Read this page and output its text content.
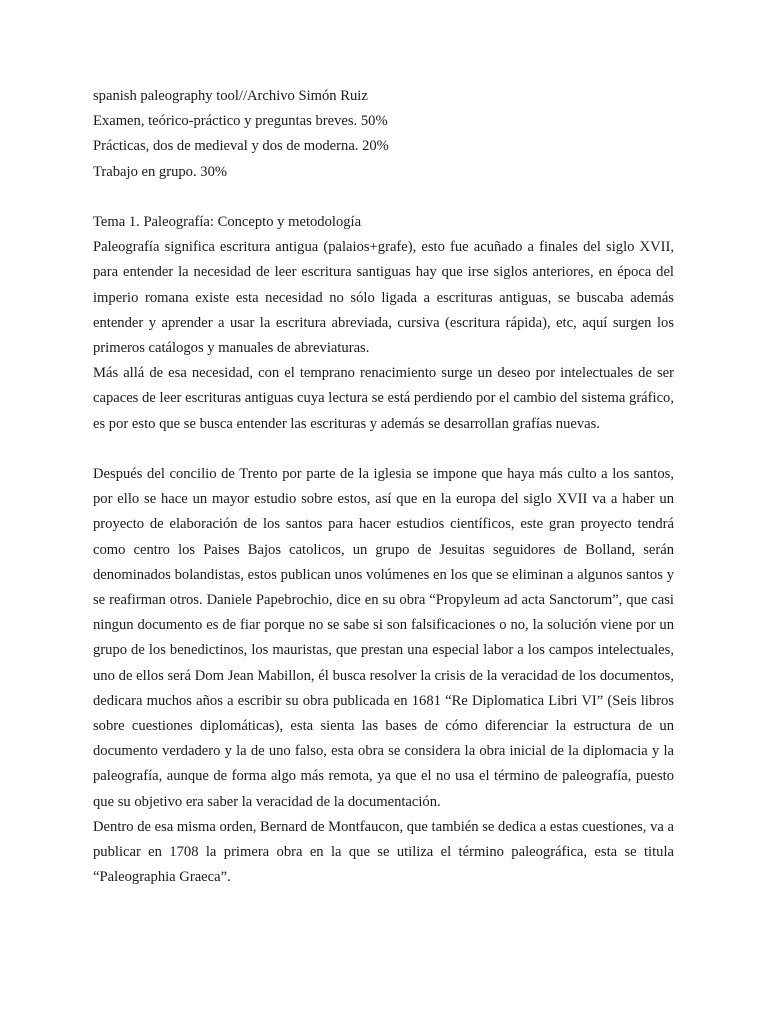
spanish paleography tool//Archivo Simón Ruiz

Examen, teórico-práctico y preguntas breves. 50%

Prácticas, dos de medieval y dos de moderna. 20%

Trabajo en grupo. 30%

Tema 1. Paleografía: Concepto y metodología

Paleografía significa escritura antigua (palaios+grafe), esto fue acuñado a finales del siglo XVII, para entender la necesidad de leer escritura santiguas hay que irse siglos anteriores, en época del imperio romana existe esta necesidad no sólo ligada a escrituras antiguas, se buscaba además entender y aprender a usar la escritura abreviada, cursiva (escritura rápida), etc, aquí surgen los primeros catálogos y manuales de abreviaturas.

Más allá de esa necesidad, con el temprano renacimiento surge un deseo por intelectuales de ser capaces de leer escrituras antiguas cuya lectura se está perdiendo por el cambio del sistema gráfico, es por esto que se busca entender las escrituras y además se desarrollan grafías nuevas.

Después del concilio de Trento por parte de la iglesia se impone que haya más culto a los santos, por ello se hace un mayor estudio sobre estos, así que en la europa del siglo XVII va a haber un proyecto de elaboración de los santos para hacer estudios científicos, este gran proyecto tendrá como centro los Paises Bajos catolicos, un grupo de Jesuitas seguidores de Bolland, serán denominados bolandistas, estos publican unos volúmenes en los que se eliminan a algunos santos y se reafirman otros. Daniele Papebrochio, dice en su obra “Propyleum ad acta Sanctorum”, que casi ningun documento es de fiar porque no se sabe si son falsificaciones o no, la solución viene por un grupo de los benedictinos, los mauristas, que prestan una especial labor a los campos intelectuales, uno de ellos será Dom Jean Mabillon, él busca resolver la crisis de la veracidad de los documentos, dedicara muchos años a escribir su obra publicada en 1681 “Re Diplomatica Libri VI” (Seis libros sobre cuestiones diplomáticas), esta sienta las bases de cómo diferenciar la estructura de un documento verdadero y la de uno falso, esta obra se considera la obra inicial de la diplomacia y la paleografía, aunque de forma algo más remota, ya que el no usa el término de paleografía, puesto que su objetivo era saber la veracidad de la documentación.

Dentro de esa misma orden, Bernard de Montfaucon, que también se dedica a estas cuestiones, va a publicar en 1708 la primera obra en la que se utiliza el término paleográfica, esta se titula “Paleographia Graeca”.
